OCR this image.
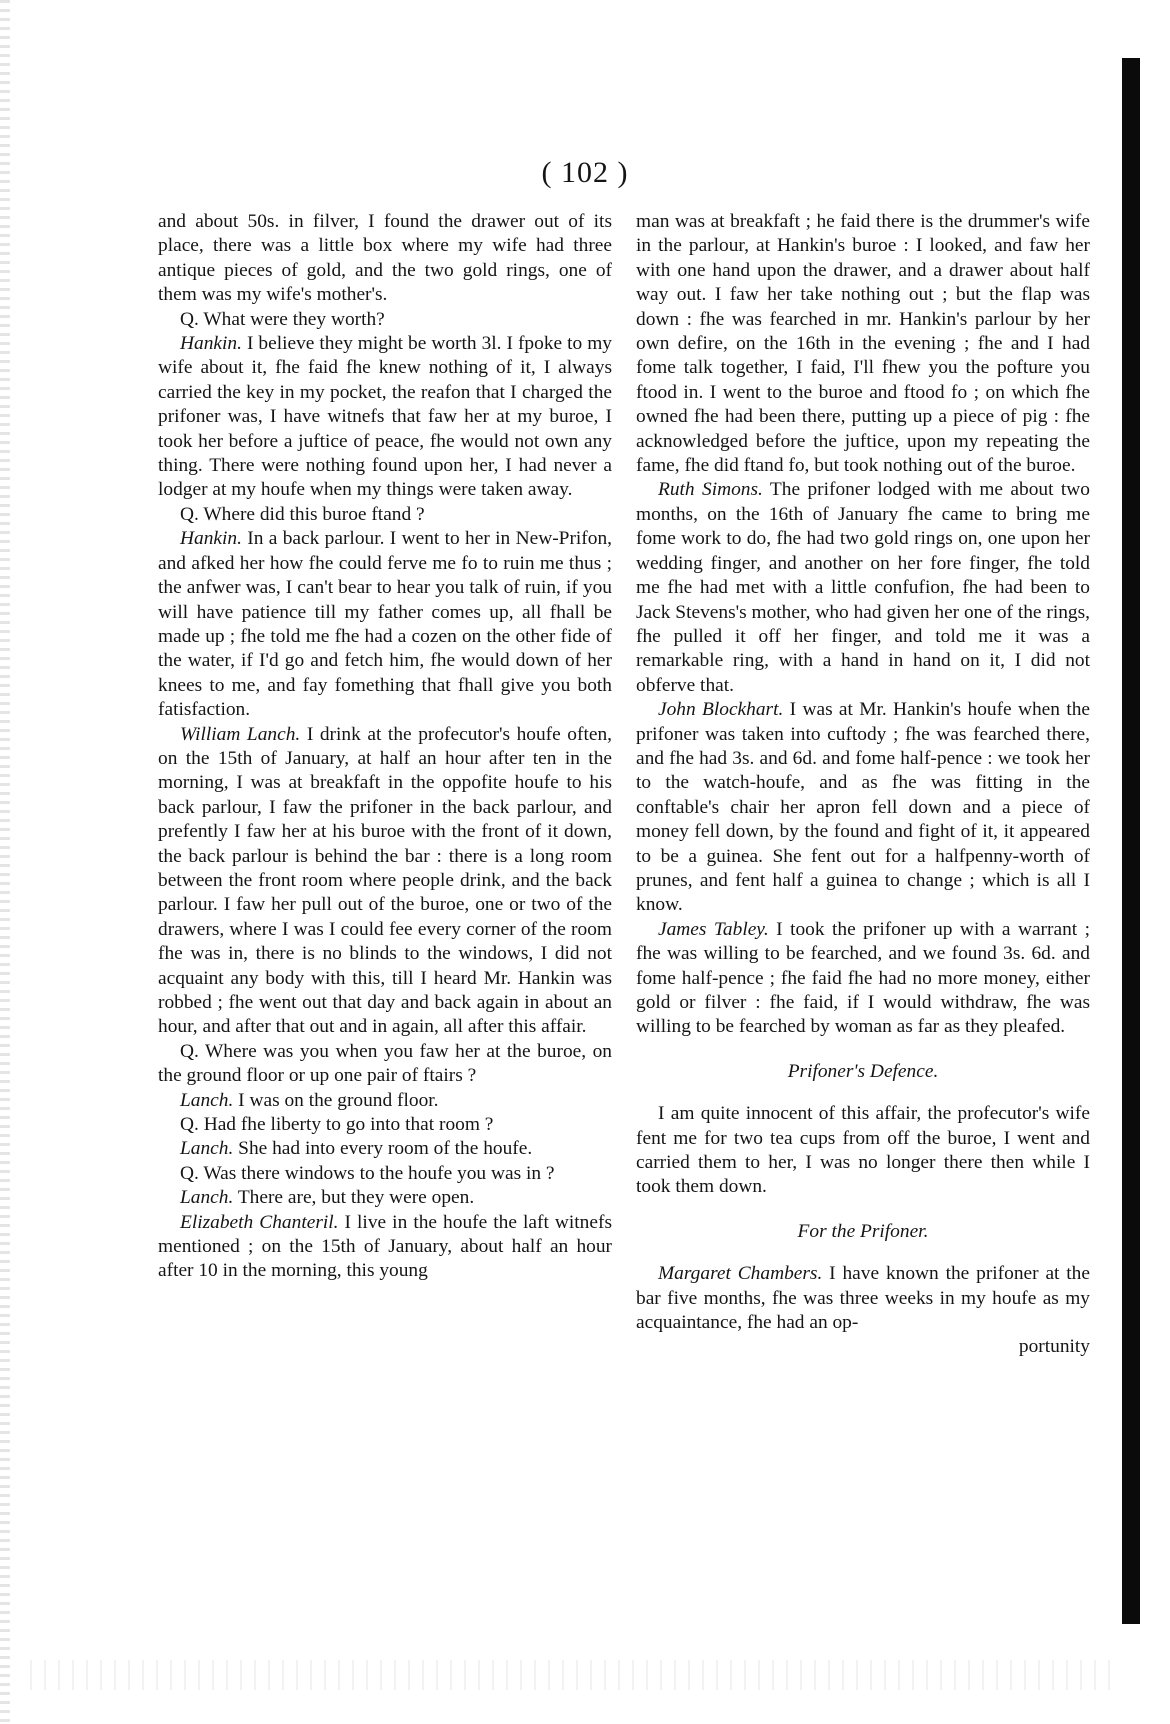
( 102 )

and about 50s. in filver, I found the drawer out of its place, there was a little box where my wife had three antique pieces of gold, and the two gold rings, one of them was my wife's mother's.

Q. What were they worth?

Hankin. I believe they might be worth 3l. I fpoke to my wife about it, fhe faid fhe knew nothing of it, I always carried the key in my pocket, the reafon that I charged the prifoner was, I have witnefs that faw her at my buroe, I took her before a juftice of peace, fhe would not own any thing. There were nothing found upon her, I had never a lodger at my houfe when my things were taken away.

Q. Where did this buroe ftand ?

Hankin. In a back parlour. I went to her in New-Prifon, and afked her how fhe could ferve me fo to ruin me thus ; the anfwer was, I can't bear to hear you talk of ruin, if you will have patience till my father comes up, all fhall be made up ; fhe told me fhe had a cozen on the other fide of the water, if I'd go and fetch him, fhe would down of her knees to me, and fay fomething that fhall give you both fatisfaction.

William Lanch. I drink at the profecutor's houfe often, on the 15th of January, at half an hour after ten in the morning, I was at breakfaft in the oppofite houfe to his back parlour, I faw the prifoner in the back parlour, and prefently I faw her at his buroe with the front of it down, the back parlour is behind the bar : there is a long room between the front room where people drink, and the back parlour. I faw her pull out of the buroe, one or two of the drawers, where I was I could fee every corner of the room fhe was in, there is no blinds to the windows, I did not acquaint any body with this, till I heard Mr. Hankin was robbed ; fhe went out that day and back again in about an hour, and after that out and in again, all after this affair.

Q. Where was you when you faw her at the buroe, on the ground floor or up one pair of ftairs ?

Lanch. I was on the ground floor.

Q. Had fhe liberty to go into that room ?

Lanch. She had into every room of the houfe.

Q. Was there windows to the houfe you was in ?

Lanch. There are, but they were open.

Elizabeth Chanteril. I live in the houfe the laft witnefs mentioned ; on the 15th of January, about half an hour after 10 in the morning, this young

man was at breakfaft ; he faid there is the drummer's wife in the parlour, at Hankin's buroe : I looked, and faw her with one hand upon the drawer, and a drawer about half way out. I faw her take nothing out ; but the flap was down : fhe was fearched in mr. Hankin's parlour by her own defire, on the 16th in the evening ; fhe and I had fome talk together, I faid, I'll fhew you the pofture you ftood in. I went to the buroe and ftood fo ; on which fhe owned fhe had been there, putting up a piece of pig : fhe acknowledged before the juftice, upon my repeating the fame, fhe did ftand fo, but took nothing out of the buroe.

Ruth Simons. The prifoner lodged with me about two months, on the 16th of January fhe came to bring me fome work to do, fhe had two gold rings on, one upon her wedding finger, and another on her fore finger, fhe told me fhe had met with a little confufion, fhe had been to Jack Stevens's mother, who had given her one of the rings, fhe pulled it off her finger, and told me it was a remarkable ring, with a hand in hand on it, I did not obferve that.

John Blockhart. I was at Mr. Hankin's houfe when the prifoner was taken into cuftody ; fhe was fearched there, and fhe had 3s. and 6d. and fome half-pence : we took her to the watch-houfe, and as fhe was fitting in the conftable's chair her apron fell down and a piece of money fell down, by the found and fight of it, it appeared to be a guinea. She fent out for a halfpenny-worth of prunes, and fent half a guinea to change ; which is all I know.

James Tabley. I took the prifoner up with a warrant ; fhe was willing to be fearched, and we found 3s. 6d. and fome half-pence ; fhe faid fhe had no more money, either gold or filver : fhe faid, if I would withdraw, fhe was willing to be fearched by woman as far as they pleafed.

Prifoner's Defence.

I am quite innocent of this affair, the profecutor's wife fent me for two tea cups from off the buroe, I went and carried them to her, I was no longer there then while I took them down.

For the Prifoner.

Margaret Chambers. I have known the prifoner at the bar five months, fhe was three weeks in my houfe as my acquaintance, fhe had an op-

portunity
